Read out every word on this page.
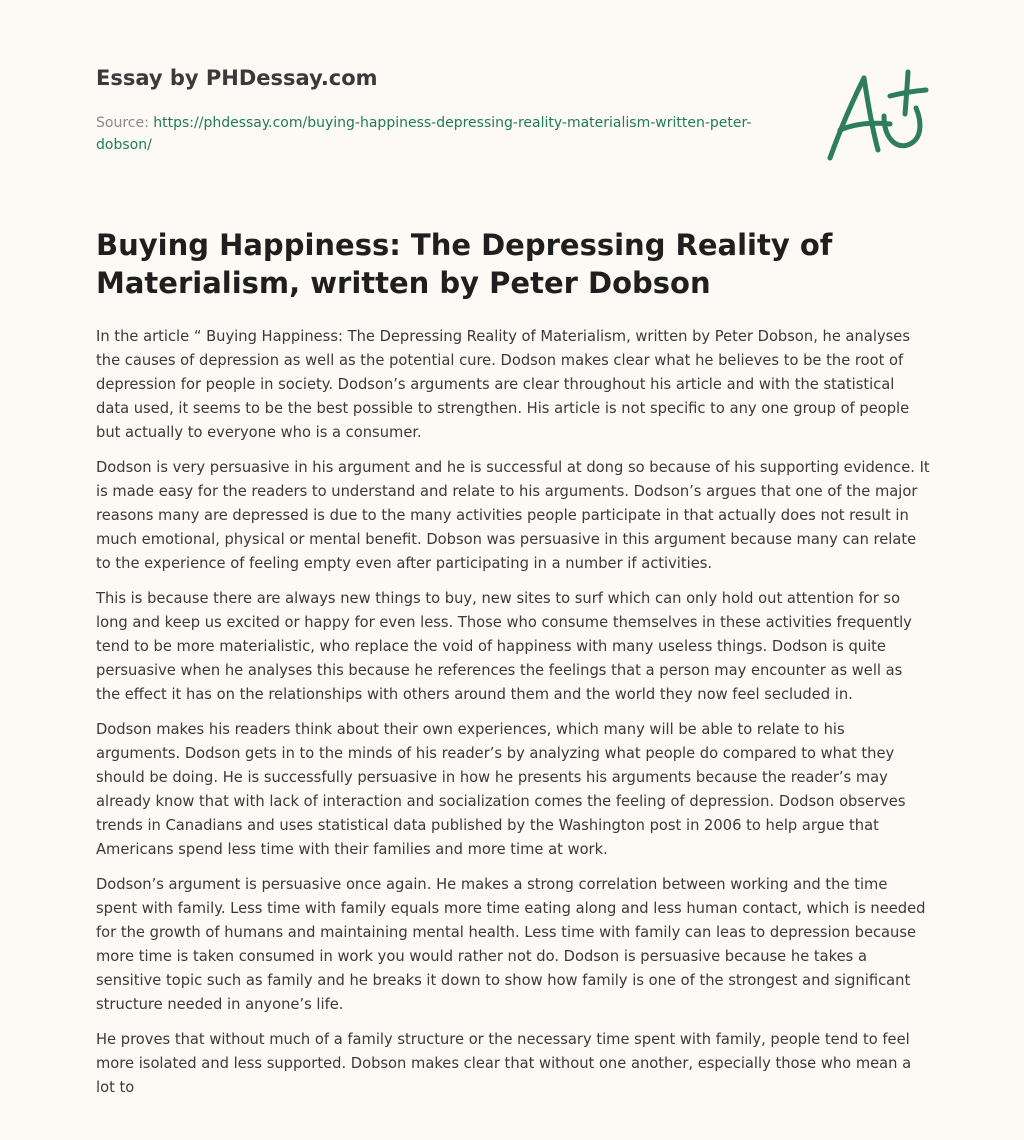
Essay by PHDessay.com
Source: https://phdessay.com/buying-happiness-depressing-reality-materialism-written-peter-dobson/
Buying Happiness: The Depressing Reality of Materialism, written by Peter Dobson

In the article “ Buying Happiness: The Depressing Reality of Materialism, written by Peter Dobson, he analyses the causes of depression as well as the potential cure. Dodson makes clear what he believes to be the root of depression for people in society. Dodson’s arguments are clear throughout his article and with the statistical data used, it seems to be the best possible to strengthen. His article is not specific to any one group of people but actually to everyone who is a consumer.

Dodson is very persuasive in his argument and he is successful at dong so because of his supporting evidence. It is made easy for the readers to understand and relate to his arguments. Dodson’s argues that one of the major reasons many are depressed is due to the many activities people participate in that actually does not result in much emotional, physical or mental benefit. Dobson was persuasive in this argument because many can relate to the experience of feeling empty even after participating in a number if activities.

This is because there are always new things to buy, new sites to surf which can only hold out attention for so long and keep us excited or happy for even less. Those who consume themselves in these activities frequently tend to be more materialistic, who replace the void of happiness with many useless things. Dodson is quite persuasive when he analyses this because he references the feelings that a person may encounter as well as the effect it has on the relationships with others around them and the world they now feel secluded in.

Dodson makes his readers think about their own experiences, which many will be able to relate to his arguments. Dodson gets in to the minds of his reader’s by analyzing what people do compared to what they should be doing. He is successfully persuasive in how he presents his arguments because the reader’s may already know that with lack of interaction and socialization comes the feeling of depression. Dodson observes trends in Canadians and uses statistical data published by the Washington post in 2006 to help argue that Americans spend less time with their families and more time at work.

Dodson’s argument is persuasive once again. He makes a strong correlation between working and the time spent with family. Less time with family equals more time eating along and less human contact, which is needed for the growth of humans and maintaining mental health. Less time with family can leas to depression because more time is taken consumed in work you would rather not do. Dodson is persuasive because he takes a sensitive topic such as family and he breaks it down to show how family is one of the strongest and significant structure needed in anyone’s life.

He proves that without much of a family structure or the necessary time spent with family, people tend to feel more isolated and less supported. Dobson makes clear that without one another, especially those who mean a lot to
